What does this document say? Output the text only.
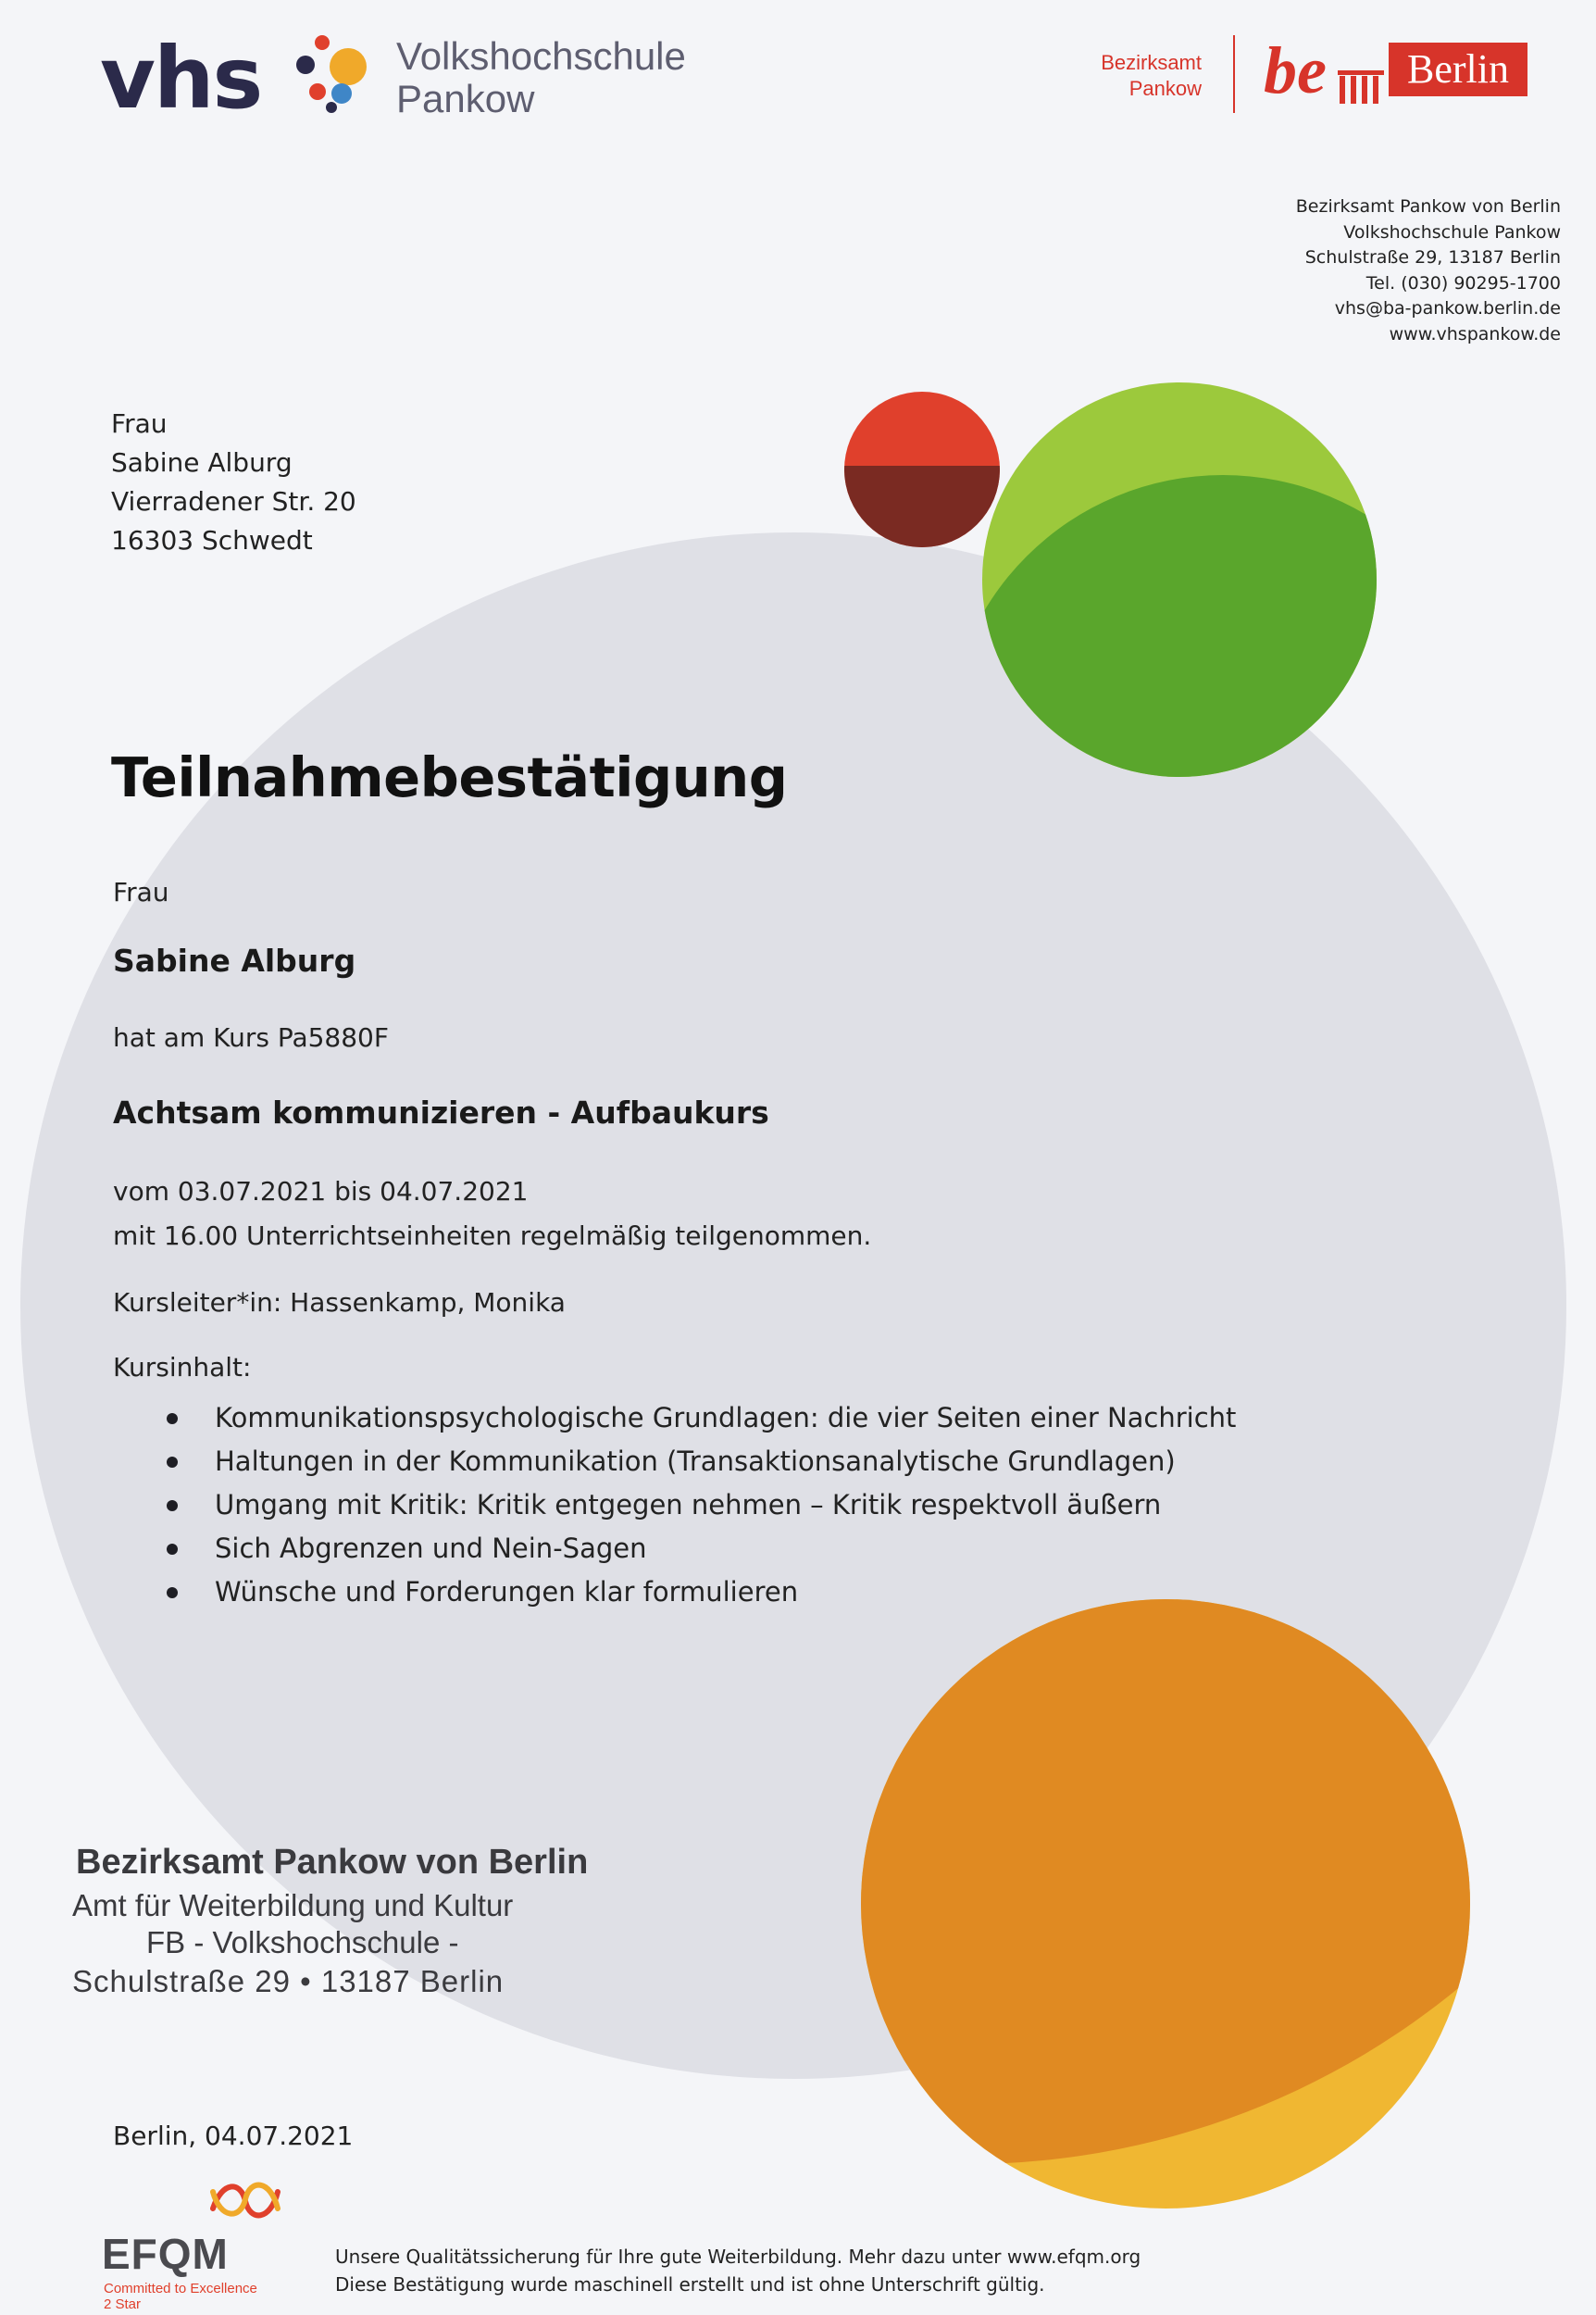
vhs	Volkshochschule
Pankow
Bezirksamt
Pankow be	Berlin
Bezirksamt Pankow von Berlin
Volkshochschule Pankow
Schulstraße 29, 13187 Berlin
Tel. (030) 90295-1700
vhs@ba-pankow.berlin.de
www.vhspankow.de
Frau
Sabine Alburg
Vierradener Str. 20
16303 Schwedt
Teilnahmebestätigung
Frau
Sabine Alburg
hat am Kurs Pa5880F
Achtsam kommunizieren - Aufbaukurs
vom 03.07.2021 bis 04.07.2021
mit 16.00 Unterrichtseinheiten regelmäßig teilgenommen.
Kursleiter*in: Hassenkamp, Monika
Kursinhalt:
Kommunikationspsychologische Grundlagen: die vier Seiten einer Nachricht
Haltungen in der Kommunikation (Transaktionsanalytische Grundlagen)
Umgang mit Kritik: Kritik entgegen nehmen – Kritik respektvoll äußern
Sich Abgrenzen und Nein-Sagen
Wünsche und Forderungen klar formulieren
Bezirksamt Pankow von Berlin
Amt für Weiterbildung und Kultur
FB - Volkshochschule -
Schulstraße 29 • 13187 Berlin
Berlin, 04.07.2021
EFQM
Committed to Excellence
2 Star
Unsere Qualitätssicherung für Ihre gute Weiterbildung. Mehr dazu unter www.efqm.org
Diese Bestätigung wurde maschinell erstellt und ist ohne Unterschrift gültig.
